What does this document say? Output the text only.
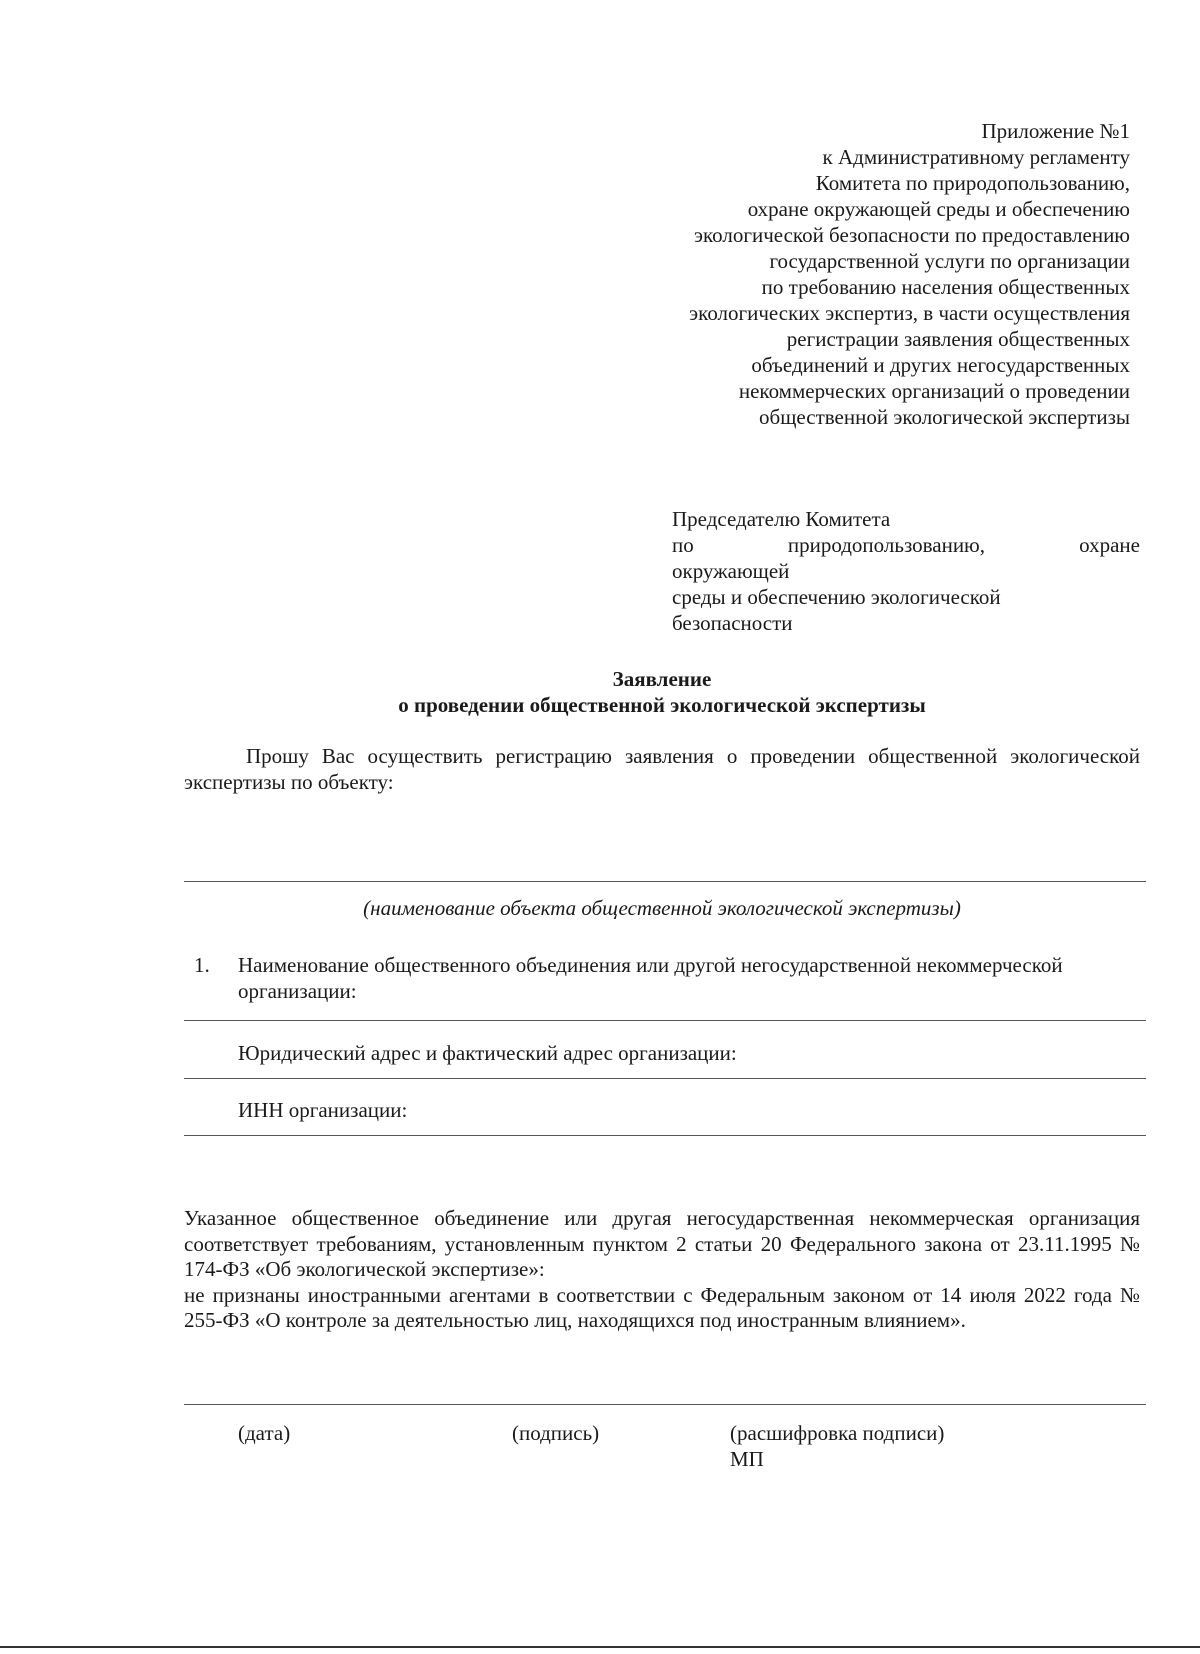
Приложение №1
к Административному регламенту
Комитета по природопользованию,
охране окружающей среды и обеспечению
экологической безопасности по предоставлению
государственной услуги по организации
по требованию населения общественных
экологических экспертиз, в части осуществления
регистрации заявления общественных
объединений и других негосударственных
некоммерческих организаций о проведении
общественной экологической экспертизы
Председателю Комитета
по	природопользованию,	охране
окружающей
среды и обеспечению экологической
безопасности
Заявление
о проведении общественной экологической экспертизы
Прошу Вас осуществить регистрацию заявления о проведении общественной экологической экспертизы по объекту:
(наименование объекта общественной экологической экспертизы)
1. Наименование общественного объединения или другой негосударственной некоммерческой организации:
Юридический адрес и фактический адрес организации:
ИНН организации:

Указанное общественное объединение или другая негосударственная некоммерческая организация соответствует требованиям, установленным пунктом 2 статьи 20 Федерального закона от 23.11.1995 № 174-ФЗ «Об экологической экспертизе»:

не признаны иностранными агентами в соответствии с Федеральным законом от 14 июля 2022 года № 255-ФЗ «О контроле за деятельностью лиц, находящихся под иностранным влиянием».

(дата)	(подпись)	(расшифровка подписи)
МП
